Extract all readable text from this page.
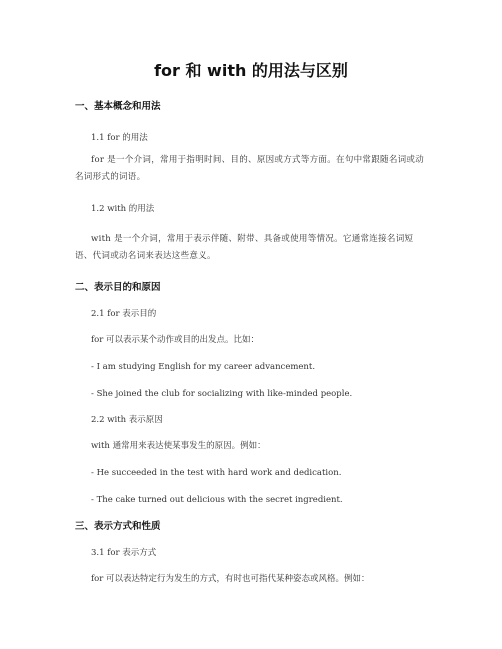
for 和 with 的用法与区别
一、基本概念和用法
1.1 for 的用法
for 是一个介词，常用于指明时间、目的、原因或方式等方面。在句中常跟随名词或动名词形式的词语。
1.2 with 的用法
with 是一个介词，常用于表示伴随、附带、具备或使用等情况。它通常连接名词短语、代词或动名词来表达这些意义。
二、表示目的和原因
2.1 for 表示目的
for 可以表示某个动作或目的出发点。比如：
- I am studying English for my career advancement.
- She joined the club for socializing with like-minded people.
2.2 with 表示原因
with 通常用来表达使某事发生的原因。例如：
- He succeeded in the test with hard work and dedication.
- The cake turned out delicious with the secret ingredient.
三、表示方式和性质
3.1 for 表示方式
for 可以表达特定行为发生的方式，有时也可指代某种姿态或风格。例如：
